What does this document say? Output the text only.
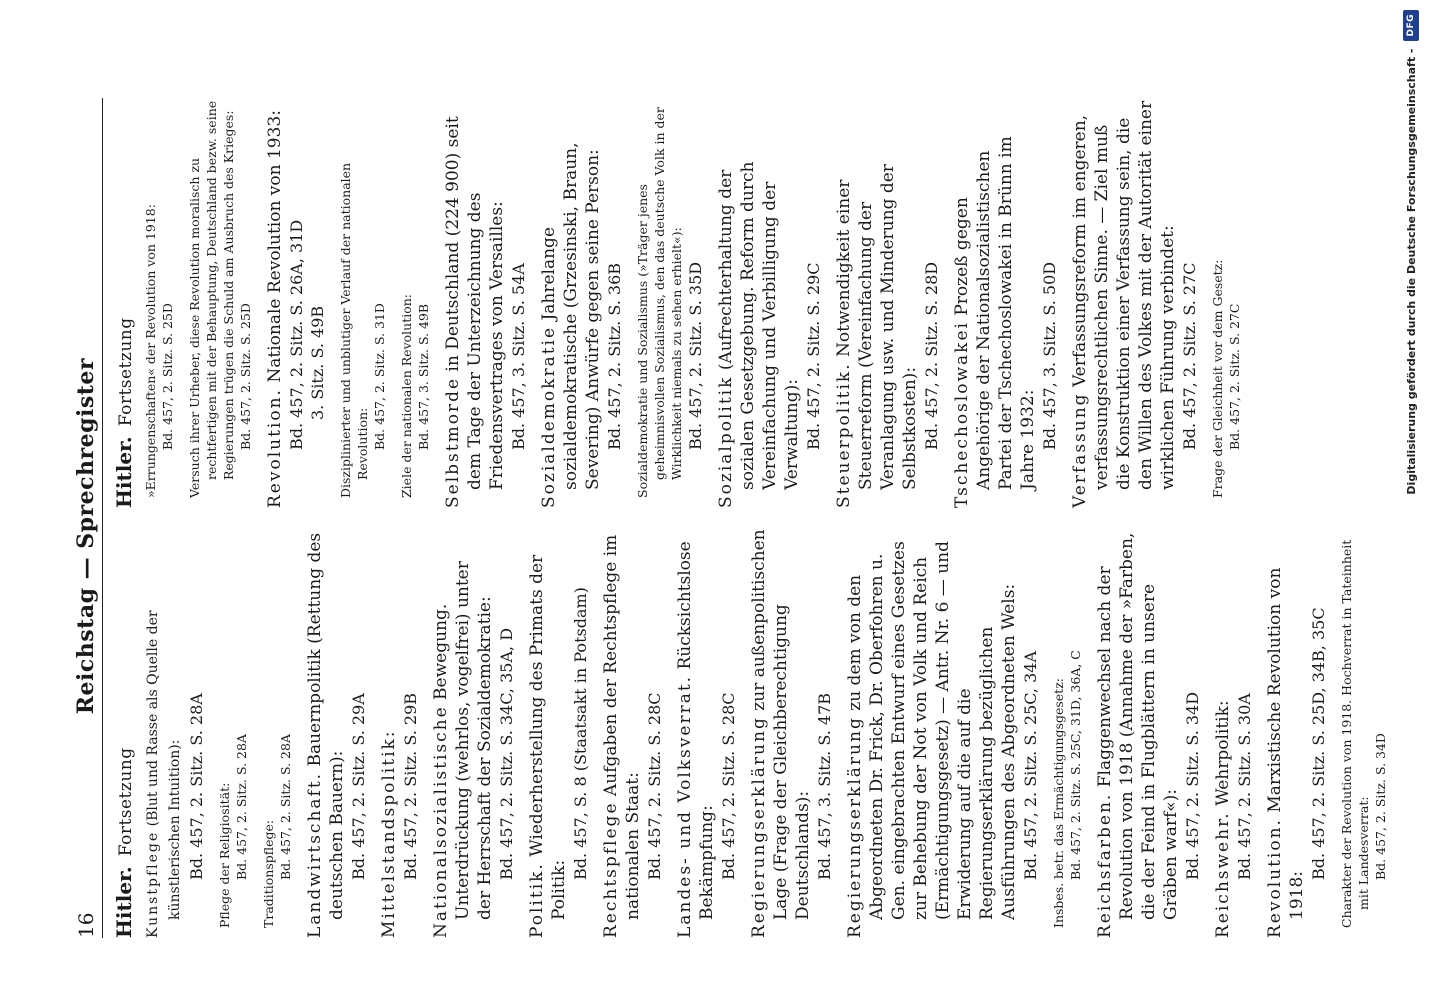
16
Reichstag — Sprechregister
Hitler.
Fortsetzung
Kunstpflege (Blut und Rasse als Quelle der künstlerischen Intuition): Bd. 457, 2. Sitz. S. 28A Pflege der Religiosität: Bd. 457, 2. Sitz. S. 28A Traditionspflege: Bd. 457, 2. Sitz. S. 28A Landwirtschaft. Bauernpolitik (Rettung des deutschen Bauern): Bd. 457, 2. Sitz. S. 29A Mittelstandspolitik: Bd. 457, 2. Sitz. S. 29B Nationalsozialistische Bewegung. Unterdrückung (wehrlos, vogelfrei) unter der Herrschaft der Sozialdemokratie: Bd. 457, 2. Sitz. S. 34C, 35A, D
Politik. Wiederherstellung des Primats der Politik:
Bd. 457, S. 8 (Staatsakt in Potsdam) Rechtspflege Aufgaben der Rechtspflege im nationalen Staat: Bd. 457, 2. Sitz. S. 28C Landes- und Volksverrat. Rücksichtslose Bekämpfung: Bd. 457, 2. Sitz. S. 28C Regierungserklärung zur außenpolitischen Lage (Frage der Gleichberechtigung Deutschlands): Bd. 457, 3. Sitz. S. 47B Regierungserklärung zu dem von den Abgeordneten Dr. Frick, Dr. Oberfohren u. Gen. eingebrachten Entwurf eines Gesetzes zur Behebung der Not von Volk und Reich (Ermächtigungsgesetz) — Antr. Nr. 6 — und Erwiderung auf die auf die Regierungserklärung bezüglichen Ausführungen des Abgeordneten Wels: Bd. 457, 2. Sitz. S. 25C, 34A Insbes. betr. das Ermächtigungsgesetz: Bd. 457, 2. Sitz. S. 25C, 31D, 36A, C Reichsfarben. Flaggenwechsel nach der Revolution von 1918 (Annahme der »Farben, die der Feind in Flugblättern in unsere Gräben warf«): Bd. 457, 2. Sitz. S. 34D Reichswehr. Wehrpolitik: Bd. 457, 2. Sitz. S. 30A Revolution. Marxistische Revolution von 1918:
Bd. 457, 2. Sitz. S. 25D, 34B, 35C Charakter der Revolution von 1918. Hochverrat in Tateinheit mit Landesverrat: Bd. 457, 2. Sitz. S. 34D
Hitler.
Fortsetzung »Errungenschaften« der Revolution von 1918: Bd. 457, 2. Sitz. S. 25D Versuch ihrer Urheber, diese Revolution moralisch zu rechtfertigen mit der Behauptung, Deutschland bezw. seine Regierungen trügen die Schuld am Ausbruch des Krieges: Bd. 457, 2. Sitz. S. 25D Revolution. Nationale Revolution von 1933: Bd. 457, 2. Sitz. S. 26A, 31D 3. Sitz. S. 49B Disziplinierter und unblutiger Verlauf der nationalen Revolution: Bd. 457, 2. Sitz. S. 31D Ziele der nationalen Revolution: Bd. 457, 3. Sitz. S. 49B Selbstmorde in Deutschland (224 900) seit dem Tage der Unterzeichnung des Friedensvertrages von Versailles: Bd. 457, 3. Sitz. S. 54A Sozialdemokratie Jahrelange sozialdemokratische (Grzesinski, Braun, Severing) Anwürfe gegen seine Person: Bd. 457, 2. Sitz. S. 36B Sozialdemokratie und Sozialismus (»Träger jenes geheimnisvollen Sozialismus, den das deutsche Volk in der Wirklichkeit niemals zu sehen erhielt«): Bd. 457, 2. Sitz. S. 35D Sozialpolitik (Aufrechterhaltung der sozialen Gesetzgebung. Reform durch Vereinfachung und Verbilligung der Verwaltung): Bd. 457, 2. Sitz. S. 29C Steuerpolitik. Notwendigkeit einer Steuerreform (Vereinfachung der Veranlagung usw. und Minderung der Selbstkosten): Bd. 457, 2. Sitz. S. 28D Tschechoslowakei Prozeß gegen Angehörige der Nationalsozialistischen Partei der Tschechoslowakei in Brünn im Jahre 1932: Bd. 457, 3. Sitz. S. 50D
Verfassung Verfassungsreform im engeren, verfassungsrechtlichen Sinne. — Ziel muß die Konstruktion einer Verfassung sein, die den Willen des Volkes mit der Autorität einer wirklichen Führung verbindet: Bd. 457, 2. Sitz. S. 27C Frage der Gleichheit vor dem Gesetz: Bd. 457, 2. Sitz. S. 27C	Digitalisierung gefördert durch die Deutsche Forschungsgemeinschaft -
DFG
